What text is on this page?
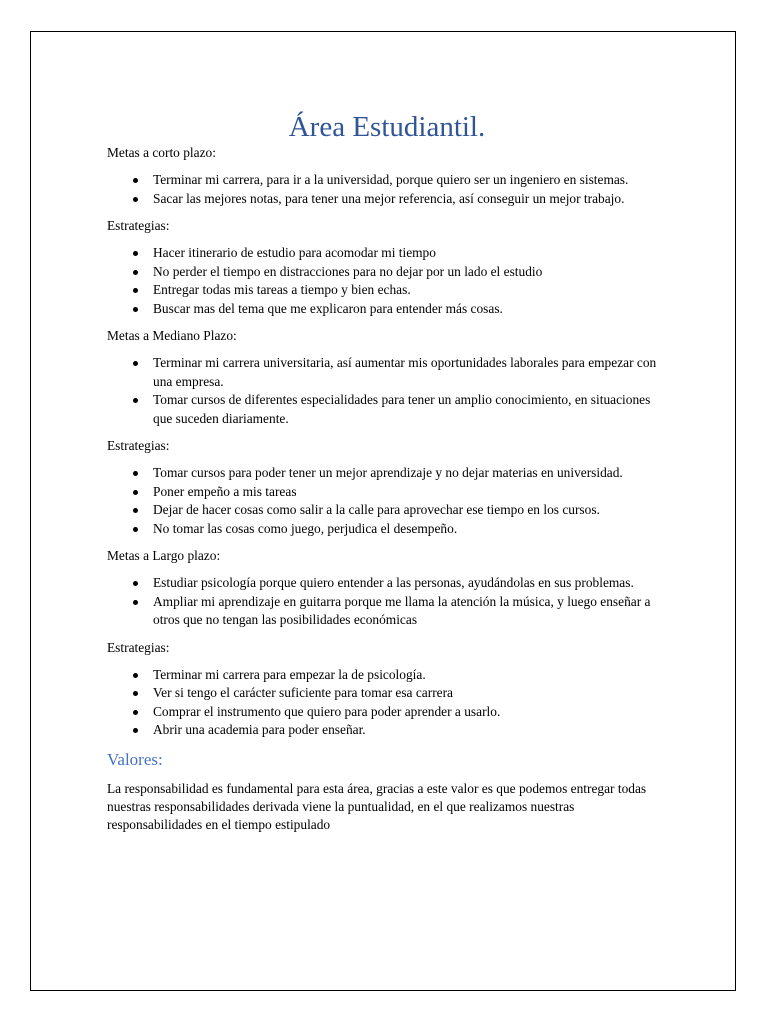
Área Estudiantil.

Metas a corto plazo:

Terminar mi carrera, para ir a la universidad, porque quiero ser un ingeniero en sistemas.
Sacar las mejores notas, para tener una mejor referencia, así conseguir un mejor trabajo.

Estrategias:

Hacer itinerario de estudio para acomodar mi tiempo
No perder el tiempo en distracciones para no dejar por un lado el estudio
Entregar todas mis tareas a tiempo y bien echas.
Buscar mas del tema que me explicaron para entender más cosas.

Metas a Mediano Plazo:

Terminar mi carrera universitaria, así aumentar mis oportunidades laborales para empezar con una empresa.
Tomar cursos de diferentes especialidades para tener un amplio conocimiento, en situaciones que suceden diariamente.

Estrategias:

Tomar cursos para poder tener un mejor aprendizaje y no dejar materias en universidad.
Poner empeño a mis tareas
Dejar de hacer cosas como salir a la calle para aprovechar ese tiempo en los cursos.
No tomar las cosas como juego, perjudica el desempeño.

Metas a Largo plazo:

Estudiar psicología porque quiero entender a las personas, ayudándolas en sus problemas.
Ampliar mi aprendizaje en guitarra porque me llama la atención la música, y luego enseñar a otros que no tengan las posibilidades económicas

Estrategias:

Terminar mi carrera para empezar la de psicología.
Ver si tengo el carácter suficiente para tomar esa carrera
Comprar el instrumento que quiero para poder aprender a usarlo.
Abrir una academia para poder enseñar.
Valores:

La responsabilidad es fundamental para esta área, gracias a este valor es que podemos entregar todas nuestras responsabilidades derivada viene la puntualidad, en el que realizamos nuestras responsabilidades en el tiempo estipulado
